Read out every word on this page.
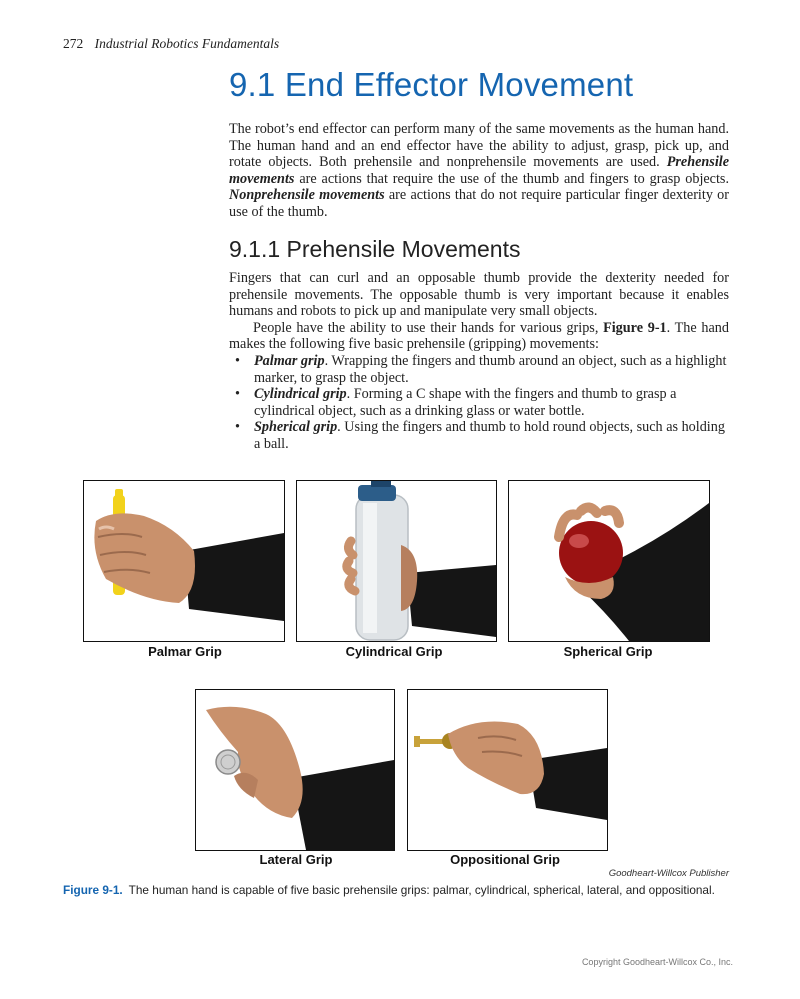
272 Industrial Robotics Fundamentals
9.1 End Effector Movement

The robot’s end effector can perform many of the same movements as the human hand. The human hand and an end effector have the ability to adjust, grasp, pick up, and rotate objects. Both prehensile and nonprehensile movements are used. Prehensile movements are actions that require the use of the thumb and fingers to grasp objects. Nonprehensile movements are actions that do not require particular finger dexterity or use of the thumb.

9.1.1 Prehensile Movements

Fingers that can curl and an opposable thumb provide the dexterity needed for prehensile movements. The opposable thumb is very important because it enables humans and robots to pick up and manipulate very small objects.

People have the ability to use their hands for various grips, Figure 9-1. The hand makes the following five basic prehensile (gripping) movements:

• Palmar grip. Wrapping the fingers and thumb around an object, such as a highlight marker, to grasp the object.
• Cylindrical grip. Forming a C shape with the fingers and thumb to grasp a cylindrical object, such as a drinking glass or water bottle.
• Spherical grip. Using the fingers and thumb to hold round objects, such as holding a ball.
Palmar Grip	Cylindrical Grip	Spherical Grip
Lateral Grip	Oppositional Grip
Goodheart-Willcox Publisher
Figure 9-1. The human hand is capable of five basic prehensile grips: palmar, cylindrical, spherical, lateral, and oppositional.
Copyright Goodheart-Willcox Co., Inc.
